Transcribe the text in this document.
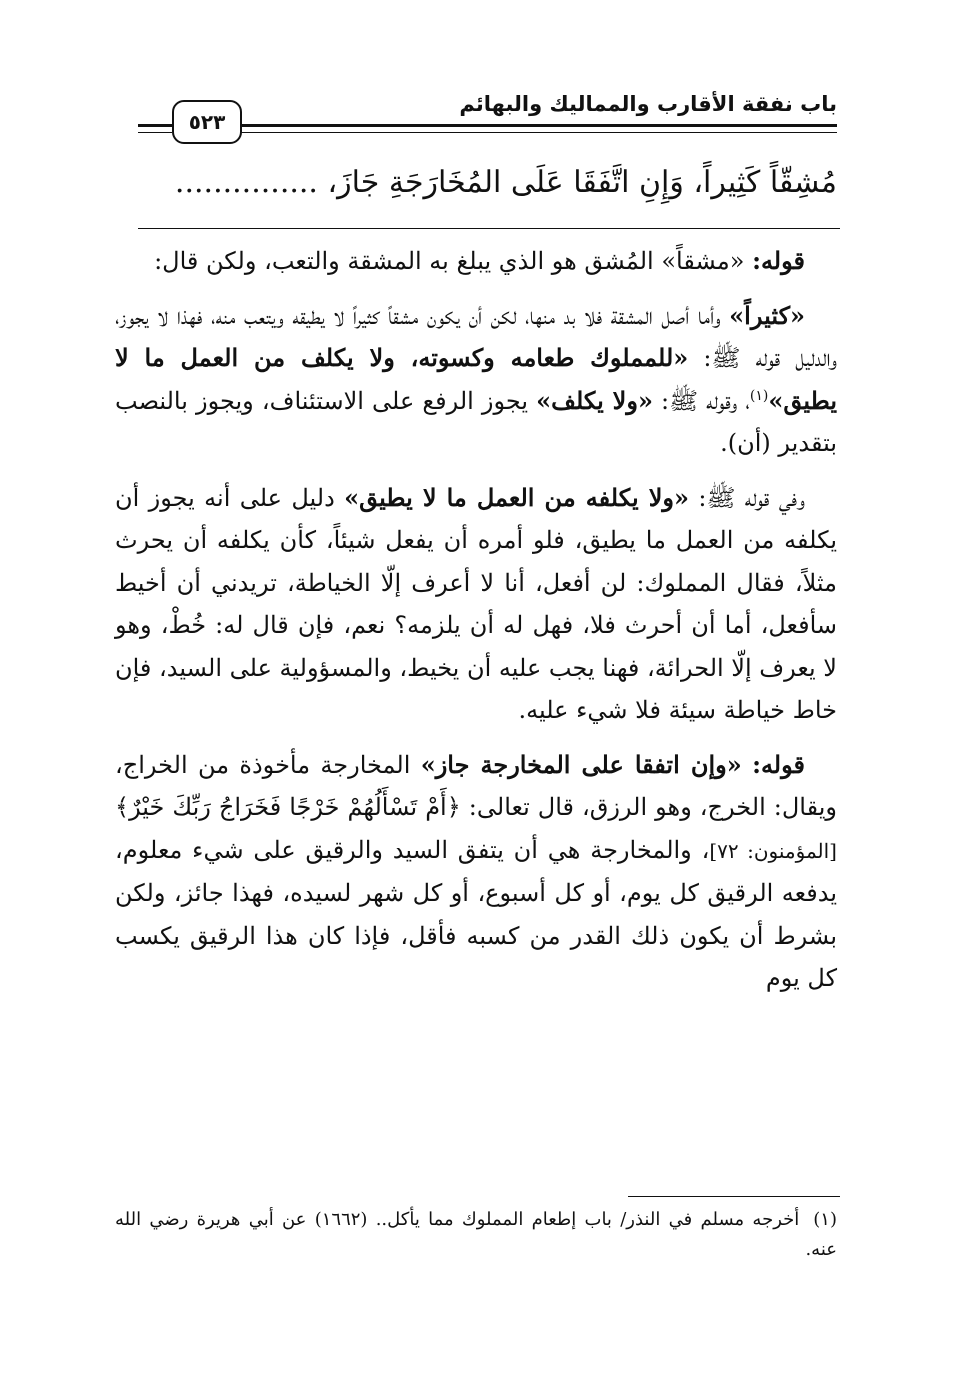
باب نفقة الأقارب والمماليك والبهائم
٥٢٣
مُشِقّاً كَثِيراً، وَإِنِ اتَّفَقَا عَلَى المُخَارَجَةِ جَازَ، ...............

قوله: «مشقاً» المُشق هو الذي يبلغ به المشقة والتعب، ولكن قال:

«كثيراً» وأما أصل المشقة فلا بد منها، لكن أن يكون مشقاً كثيراً لا يطيقه ويتعب منه، فهذا لا يجوز، والدليل قوله ﷺ: «للمملوك طعامه وكسوته، ولا يكلف من العمل ما لا يطيق»$^{(١)}$، وقوله ﷺ: «ولا يكلف» يجوز الرفع على الاستئناف، ويجوز بالنصب بتقدير (أن).

وفي قوله ﷺ: «ولا يكلفه من العمل ما لا يطيق» دليل على أنه يجوز أن يكلفه من العمل ما يطيق، فلو أمره أن يفعل شيئاً، كأن يكلفه أن يحرث مثلاً، فقال المملوك: لن أفعل، أنا لا أعرف إلّا الخياطة، تريدني أن أخيط سأفعل، أما أن أحرث فلا، فهل له أن يلزمه؟ نعم، فإن قال له: خُطْ، وهو لا يعرف إلّا الحرائة، فهنا يجب عليه أن يخيط، والمسؤولية على السيد، فإن خاط خياطة سيئة فلا شيء عليه.

قوله: «وإن اتفقا على المخارجة جاز» المخارجة مأخوذة من الخراج، ويقال: الخرج، وهو الرزق، قال تعالى: ﴿أَمْ تَسْأَلُهُمْ خَرْجًا فَخَرَاجُ رَبِّكَ خَيْرٌ﴾ [المؤمنون: ٧٢]، والمخارجة هي أن يتفق السيد والرقيق على شيء معلوم، يدفعه الرقيق كل يوم، أو كل أسبوع، أو كل شهر لسيده، فهذا جائز، ولكن بشرط أن يكون ذلك القدر من كسبه فأقل، فإذا كان هذا الرقيق يكسب كل يوم

(١)أخرجه مسلم في النذر/ باب إطعام المملوك مما يأكل.. (١٦٦٢) عن أبي هريرة رضي الله عنه.
